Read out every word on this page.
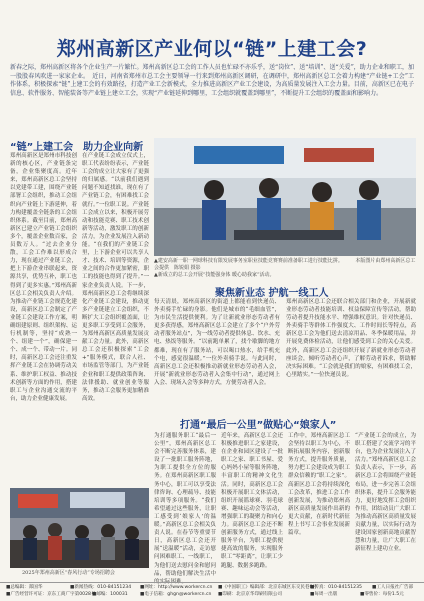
郑州高新区产业何以“链”上建工会?
新春之际，郑州高新区将各个企业生产一片繁忙。郑州高新区总工会的工作人员也忙碌不亦乐乎，送“岗位”、送“培训”、送“关爱”，助力企业和职工，加一股股春风吹进一家家企业。　近日，河南省郑州市总工会主要领导一行来到郑州高新区调研，在调研中，郑州高新区总工会着力构建“产业链+工会”工作体系，积极探索“链”上建工会的有效路径，打造产业工会新模式，全力推进高新区产业工会建设，为高质量发展注入工会力量。目前，高新区已在电子信息、软件服务、智能装备等产业链上建立工会，实现“产业链延伸到哪里，工会组织就覆盖到哪里”，不断提升工会组织的覆盖面和影响力。
“链”上建工会　助力企业向新
郑州高新区是郑州市科技创新的核心区，产业链条完备，企业集聚度高。近年来，郑州高新区总工会坚持以党建带工建，围绕产业链部署工会组织，推动工会组织向产业链上下游延伸，着力构建覆盖全链条的工会组织体系。截至目前，郑州高新区已建立产业链工会组织多个，覆盖企业数百家，会员数万人。“过去企业分散，工会工作难以形成合力，现在通过产业链工会，把上下游企业串联起来，资源共享，优势互补，职工也得到了更多实惠。”郑州高新区总工会相关负责人介绍。为推动产业链工会规范化建设，高新区总工会制定了产业链工会建设工作方案，明确组建原则、组织架构、运行机制等，坚持“成熟一个、组建一个”，确保建一个、成一个、带动一片。同时，高新区总工会还注重发挥产业链工会在协调劳动关系、维护职工权益、推动技术创新等方面的作用，搭建职工与企业沟通交流的平台，助力企业健康发展。
在产业链工会成立仪式上，职工代表纷纷表示，产业链工会的成立让大家有了更强的归属感。“以前我们遇到问题不知道找谁，现在有了产业链工会，有困难找工会就行。”一位职工说。产业链工会成立以来，积极开展劳动和技能竞赛、职工技术创新等活动，激发职工的创新活力，为企业发展注入新动能。“在我们的产业链工会里，上下游企业可以共享人才、技术、培训等资源，企业之间的合作更加紧密，职工的技能也得到了提升。”一家企业负责人说。下一步，郑州高新区总工会将继续深化产业链工会建设，推动更多产业链建立工会组织，不断扩大工会组织覆盖面，让更多职工享受到工会服务，为郑州高新区高质量发展贡献工会力量。此外，高新区总工会还积极探索“工会+”服务模式，联合人社、市场监管等部门，为产业链企业和职工提供政策咨询、法律援助、就业创业等服务，推动工会服务更加精准高效。
2025年郑州高新区“春风行动”专场招聘会
▲建安高新一职一网球科技有限发展事务室职业技能竞赛赛前准备职工进行技能比拼。　　　本版图片由郑州高新区总工会提供　陈锐娟 摄影
▲新成立的总工会开展“技能强身体 暖心助我家”活动。
聚焦新业态 护航一线工人
每天清晨，郑州高新区的街道上都能看到快递员、外卖骑手忙碌的身影。他们是城市的“毛细血管”，为市民生活提供便利。为了让新就业形态劳动者有更多获得感，郑州高新区总工会建立了多个“户外劳动者服务站点”，为一线劳动者提供休息、饮水、充电、热饭等服务。“以前跑单累了，找个歇脚的地方都难，现在有了服务站，可以喝口热水，给手机充个电，感觉很温暖。”一位外卖骑手说。与此同时，高新区总工会还积极推动新就业形态劳动者入会，开展“新就业形态劳动者入会集中行动”，通过网上入会、现场入会等多种方式，方便劳动者入会。
郑州高新区总工会还联合相关部门和企业，开展新就业形态劳动者技能培训、权益保障宣传等活动，帮助劳动者提升技能水平、增强维权意识。针对快递员、外卖骑手等群体工作强度大、工作时间长等特点，高新区总工会为他们送去清凉用品、冬季保暖用品，并开展免费体检活动，让他们感受到工会的关心关爱。此外，高新区总工会还组织开展了新就业形态劳动者座谈会，倾听劳动者心声，了解劳动者诉求，帮助解决实际困难。“工会就是我们的娘家，有困难找工会，心里踏实。”一位快递员说。
打通“最后一公里”做贴心“娘家人”
为打通服务职工“最后一公里”，郑州高新区总工会不断完善服务体系，建设了一批职工服务阵地，为职工提供全方位的服务。在郑州高新区职工服务中心，职工可以享受法律咨询、心理疏导、技能培训等多项服务。“我们希望通过这些服务，让职工感受到‘娘家人’的温暖。”高新区总工会相关负责人说。在春节等重要节日，高新区总工会还开展“送温暖”活动，走访慰问困难职工、一线职工，为他们送去慰问金和慰问品，帮助他们解决生活中的实际困难。
近年来，高新区总工会还积极推进职工之家建设，在企业和园区建设了一批职工之家、职工书屋、爱心妈妈小屋等服务阵地，丰富职工的精神文化生活。同时，高新区总工会积极开展职工文体活动，组织开展篮球赛、羽毛球赛、趣味运动会等活动，增强职工的凝聚力和向心力。高新区总工会还不断创新服务方式，通过线上服务平台，为职工提供便捷高效的服务，实现服务职工“零距离”，让职工少跑腿、数据多跑路。
工作中，郑州高新区总工会坚持以职工为中心，不断拓展服务内容，创新服务方式，提升服务质量，努力把工会建设成为职工群众信赖的“职工之家”。高新区总工会将持续深化工会改革，推进工会工作创新发展，为推动郑州高新区高质量发展作出新的更大贡献，在新时代新征程上书写工会事业发展新篇章。
“产业链工会的成立，为职工搭建了交流学习的平台，也为企业发展注入了活力。”郑州高新区总工会负责人表示，下一步，高新区总工会将围绕产业链布局，进一步完善工会组织体系，提升工会服务能力，更好地发挥工会组织作用，团结动员广大职工为推动高新区高质量发展贡献力量，以实际行动为建设国家创新高地贡献智慧和力量，让广大职工在新征程上建功立业。
■总编辑：郑国华	■新闻热线：010-84151234 ■网址：http://www.workercn.cn ■《中国职工》编辑部：北京东城区东交民巷8号
■传真：010-84151235 ■工人日报社广告部
■广告经营许可证：京东工商广字第0028号
■邮编：100031	■电子信箱：ghgn@workercn.cn ■印刷：北京京华印刷有限公司	■每周一出版	■零售价：每份1.5元
